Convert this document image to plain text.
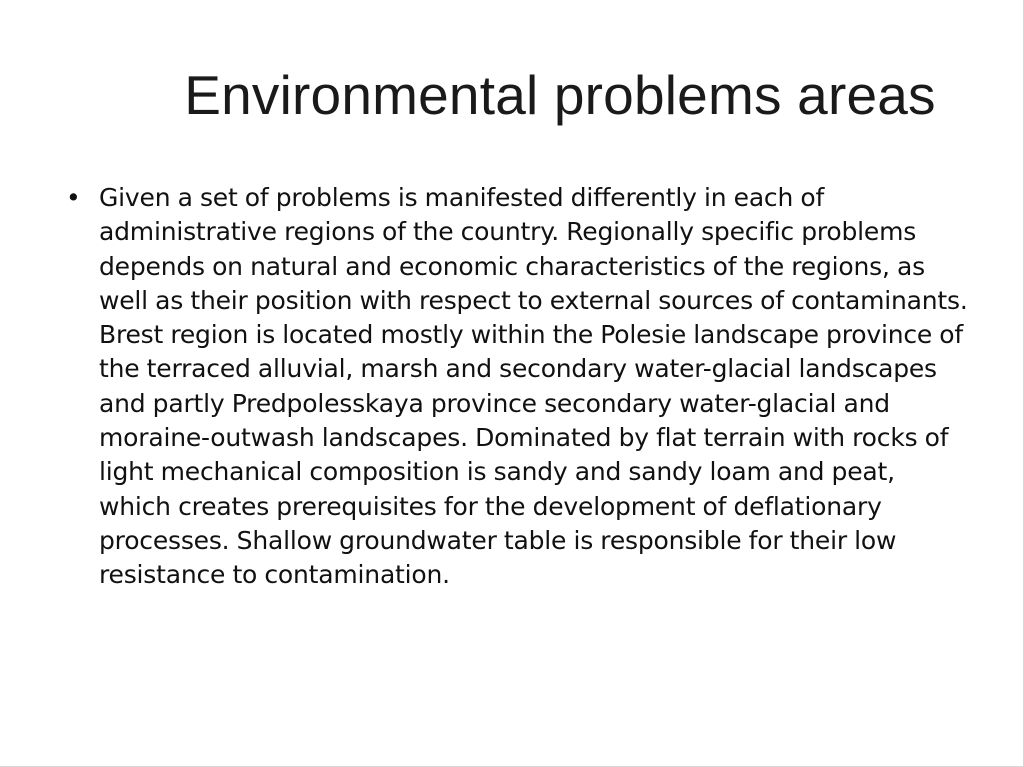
Environmental problems areas
• Given a set of problems is manifested differently in each of administrative regions of the country. Regionally specific problems depends on natural and economic characteristics of the regions, as well as their position with respect to external sources of contaminants. Brest region is located mostly within the Polesie landscape province of the terraced alluvial, marsh and secondary water-glacial landscapes and partly Predpolesskaya province secondary water-glacial and moraine-outwash landscapes. Dominated by flat terrain with rocks of light mechanical composition is sandy and sandy loam and peat, which creates prerequisites for the development of deflationary processes. Shallow groundwater table is responsible for their low resistance to contamination.
